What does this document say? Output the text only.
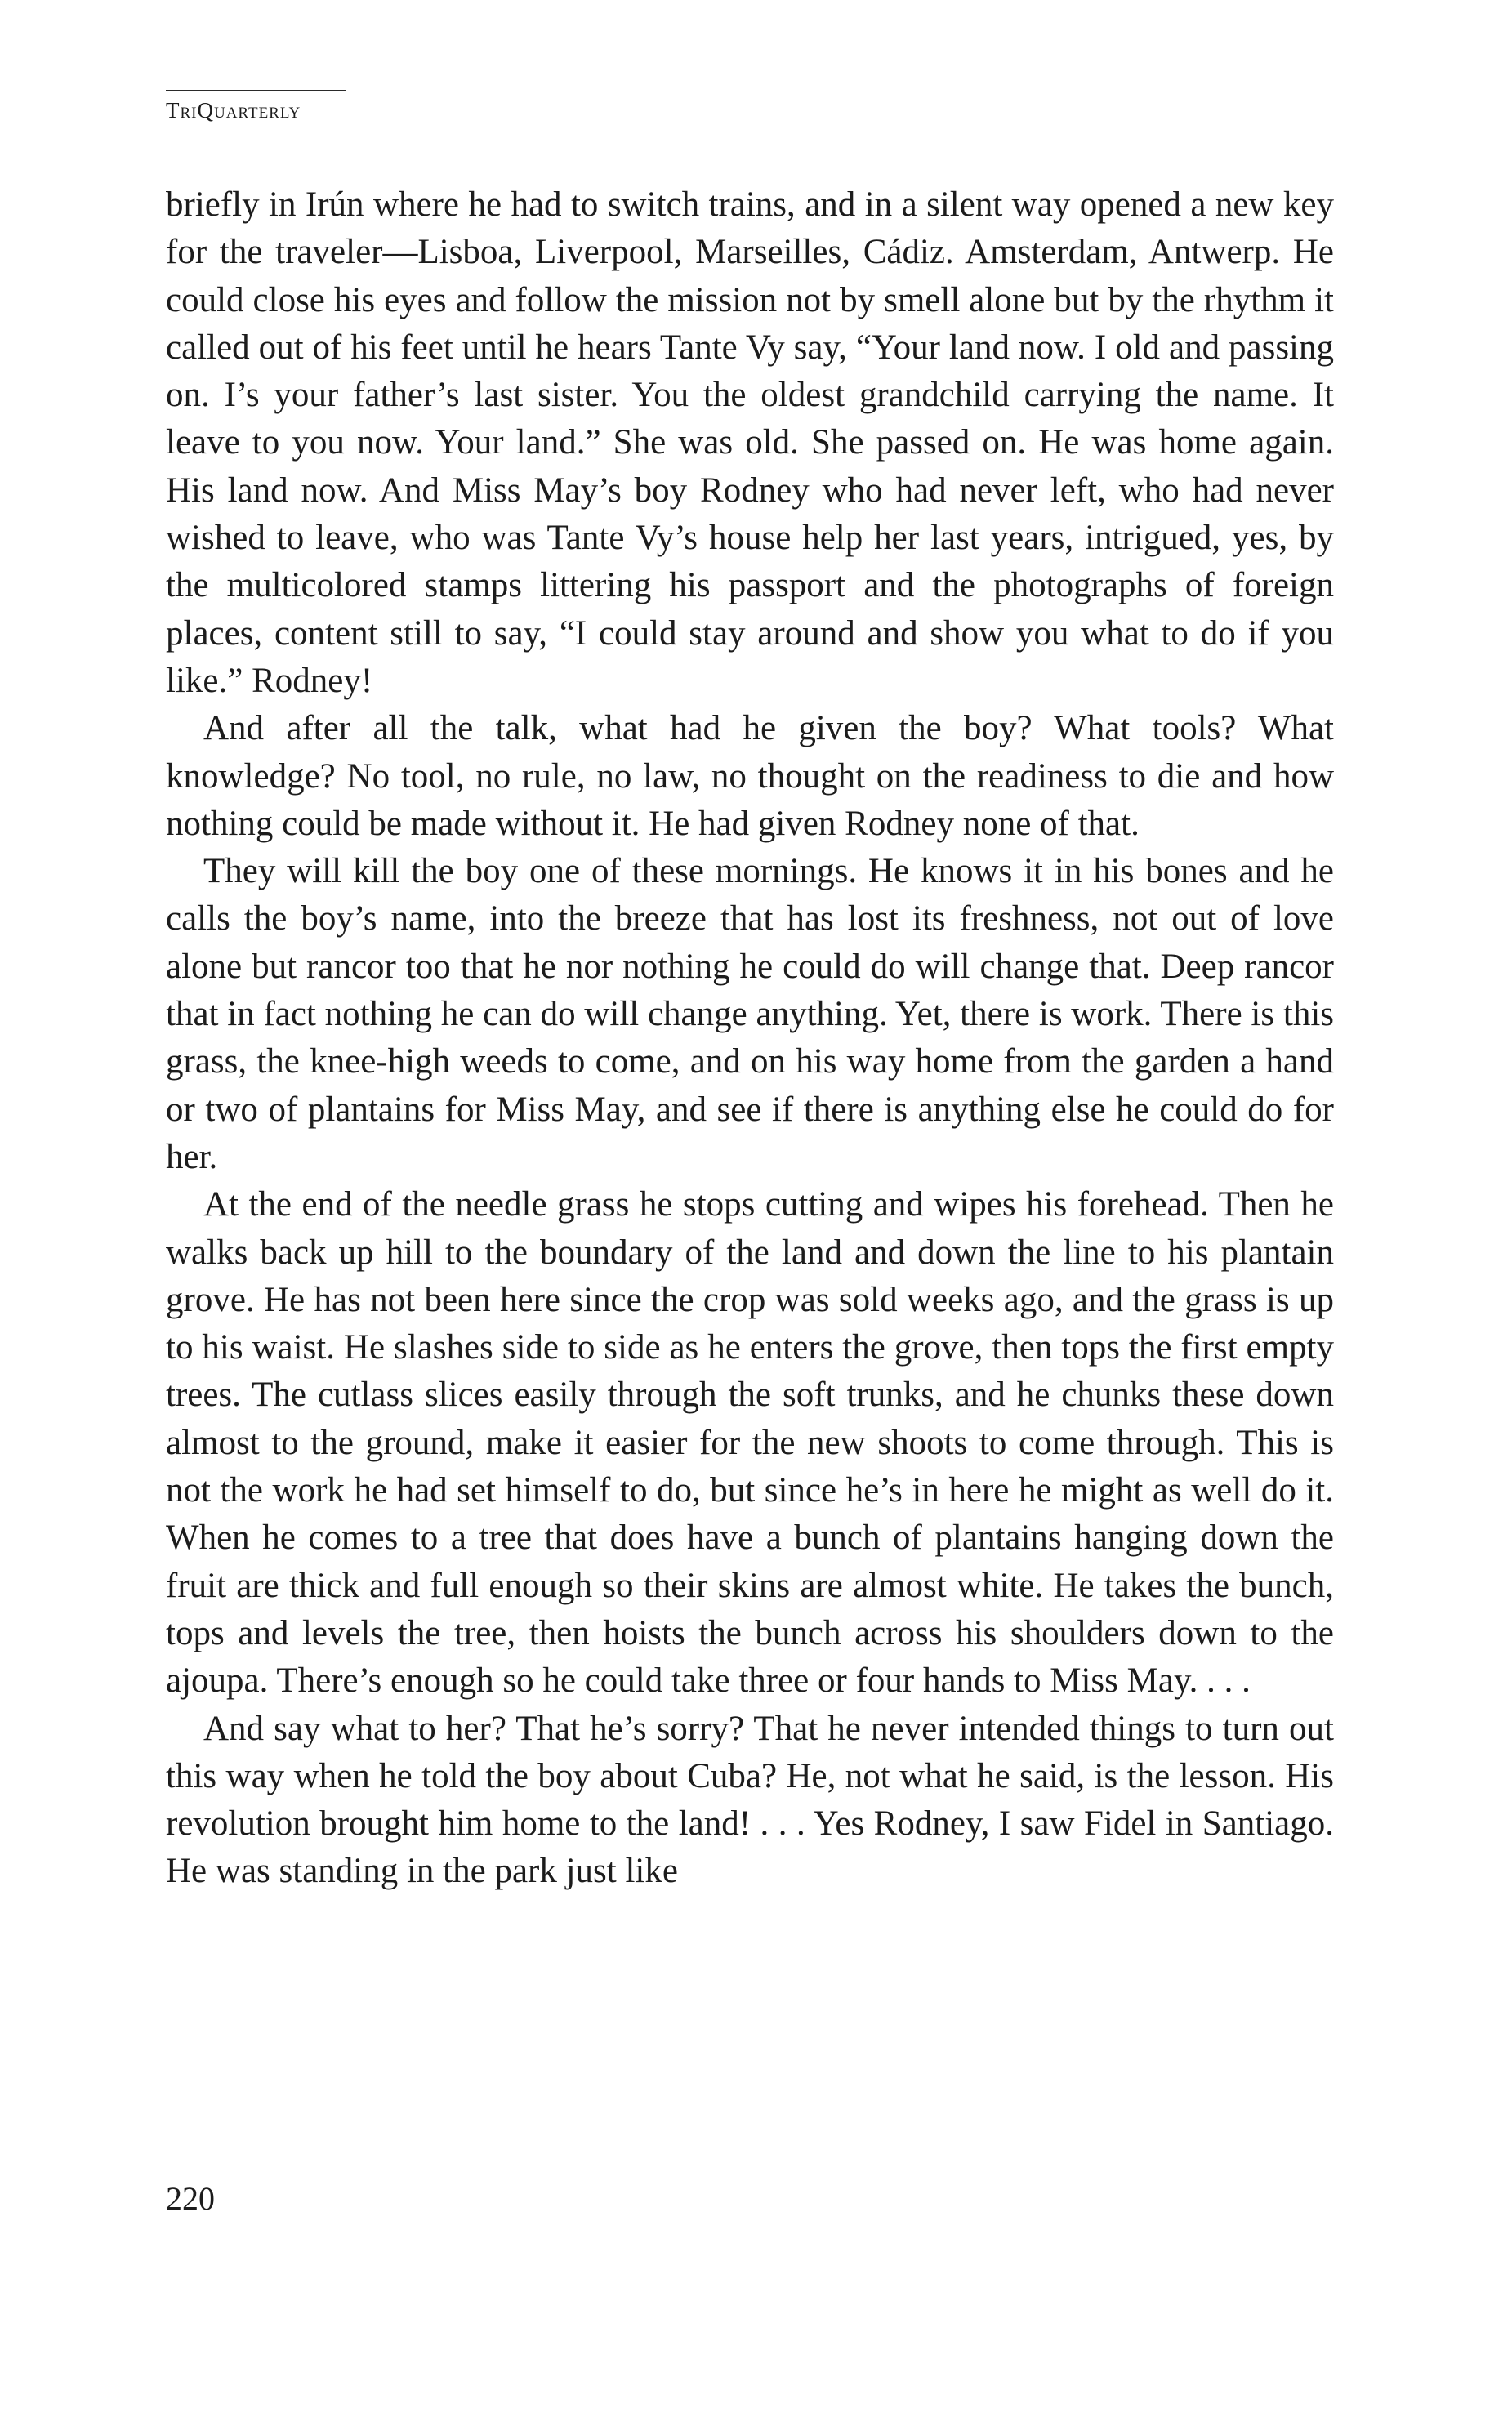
TriQuarterly

briefly in Irún where he had to switch trains, and in a silent way opened a new key for the traveler—Lisboa, Liverpool, Marseilles, Cádiz. Amsterdam, Antwerp. He could close his eyes and follow the mission not by smell alone but by the rhythm it called out of his feet until he hears Tante Vy say, “Your land now. I old and passing on. I’s your father’s last sister. You the oldest grandchild carrying the name. It leave to you now. Your land.” She was old. She passed on. He was home again. His land now. And Miss May’s boy Rodney who had never left, who had never wished to leave, who was Tante Vy’s house help her last years, intrigued, yes, by the multicolored stamps littering his passport and the photographs of foreign places, content still to say, “I could stay around and show you what to do if you like.” Rodney!

And after all the talk, what had he given the boy? What tools? What knowledge? No tool, no rule, no law, no thought on the readiness to die and how nothing could be made without it. He had given Rodney none of that.

They will kill the boy one of these mornings. He knows it in his bones and he calls the boy’s name, into the breeze that has lost its freshness, not out of love alone but rancor too that he nor nothing he could do will change that. Deep rancor that in fact nothing he can do will change anything. Yet, there is work. There is this grass, the knee-high weeds to come, and on his way home from the garden a hand or two of plantains for Miss May, and see if there is anything else he could do for her.

At the end of the needle grass he stops cutting and wipes his forehead. Then he walks back up hill to the boundary of the land and down the line to his plantain grove. He has not been here since the crop was sold weeks ago, and the grass is up to his waist. He slashes side to side as he enters the grove, then tops the first empty trees. The cutlass slices easily through the soft trunks, and he chunks these down almost to the ground, make it easier for the new shoots to come through. This is not the work he had set himself to do, but since he’s in here he might as well do it. When he comes to a tree that does have a bunch of plantains hanging down the fruit are thick and full enough so their skins are almost white. He takes the bunch, tops and levels the tree, then hoists the bunch across his shoulders down to the ajoupa. There’s enough so he could take three or four hands to Miss May. . . .

And say what to her? That he’s sorry? That he never intended things to turn out this way when he told the boy about Cuba? He, not what he said, is the lesson. His revolution brought him home to the land! . . . Yes Rodney, I saw Fidel in Santiago. He was standing in the park just like

220
